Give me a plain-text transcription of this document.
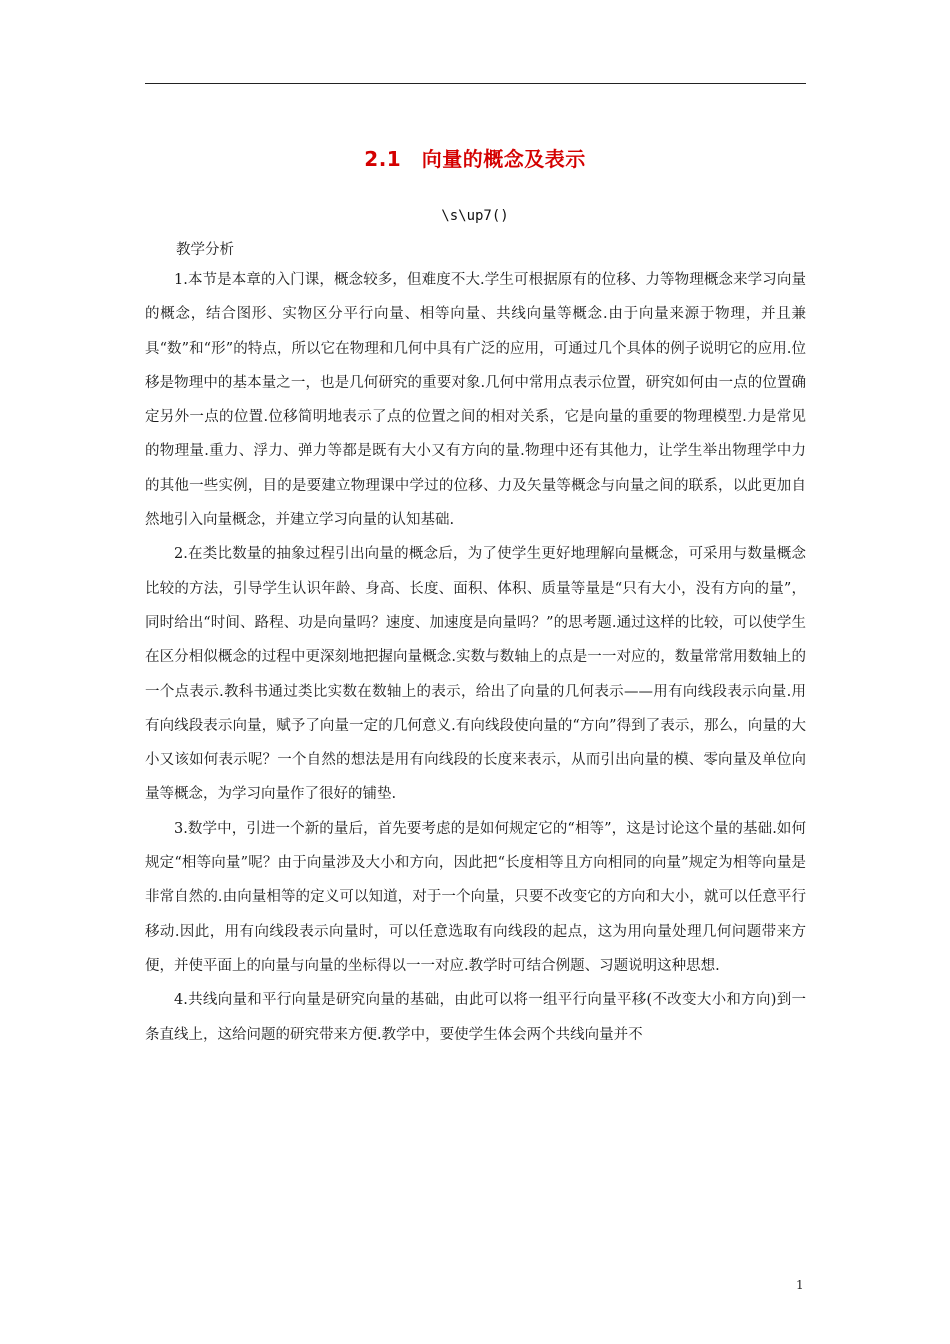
2.1　向量的概念及表示
\s\up7()
教学分析

1.本节是本章的入门课，概念较多，但难度不大.学生可根据原有的位移、力等物理概念来学习向量的概念，结合图形、实物区分平行向量、相等向量、共线向量等概念.由于向量来源于物理，并且兼具“数”和“形”的特点，所以它在物理和几何中具有广泛的应用，可通过几个具体的例子说明它的应用.位移是物理中的基本量之一，也是几何研究的重要对象.几何中常用点表示位置，研究如何由一点的位置确定另外一点的位置.位移简明地表示了点的位置之间的相对关系，它是向量的重要的物理模型.力是常见的物理量.重力、浮力、弹力等都是既有大小又有方向的量.物理中还有其他力，让学生举出物理学中力的其他一些实例，目的是要建立物理课中学过的位移、力及矢量等概念与向量之间的联系，以此更加自然地引入向量概念，并建立学习向量的认知基础.

2.在类比数量的抽象过程引出向量的概念后，为了使学生更好地理解向量概念，可采用与数量概念比较的方法，引导学生认识年龄、身高、长度、面积、体积、质量等量是“只有大小，没有方向的量”，同时给出“时间、路程、功是向量吗？速度、加速度是向量吗？”的思考题.通过这样的比较，可以使学生在区分相似概念的过程中更深刻地把握向量概念.实数与数轴上的点是一一对应的，数量常常用数轴上的一个点表示.教科书通过类比实数在数轴上的表示，给出了向量的几何表示——用有向线段表示向量.用有向线段表示向量，赋予了向量一定的几何意义.有向线段使向量的“方向”得到了表示，那么，向量的大小又该如何表示呢？一个自然的想法是用有向线段的长度来表示，从而引出向量的模、零向量及单位向量等概念，为学习向量作了很好的铺垫.

3.数学中，引进一个新的量后，首先要考虑的是如何规定它的“相等”，这是讨论这个量的基础.如何规定“相等向量”呢？由于向量涉及大小和方向，因此把“长度相等且方向相同的向量”规定为相等向量是非常自然的.由向量相等的定义可以知道，对于一个向量，只要不改变它的方向和大小，就可以任意平行移动.因此，用有向线段表示向量时，可以任意选取有向线段的起点，这为用向量处理几何问题带来方便，并使平面上的向量与向量的坐标得以一一对应.教学时可结合例题、习题说明这种思想.

4.共线向量和平行向量是研究向量的基础，由此可以将一组平行向量平移(不改变大小和方向)到一条直线上，这给问题的研究带来方便.教学中，要使学生体会两个共线向量并不

1
